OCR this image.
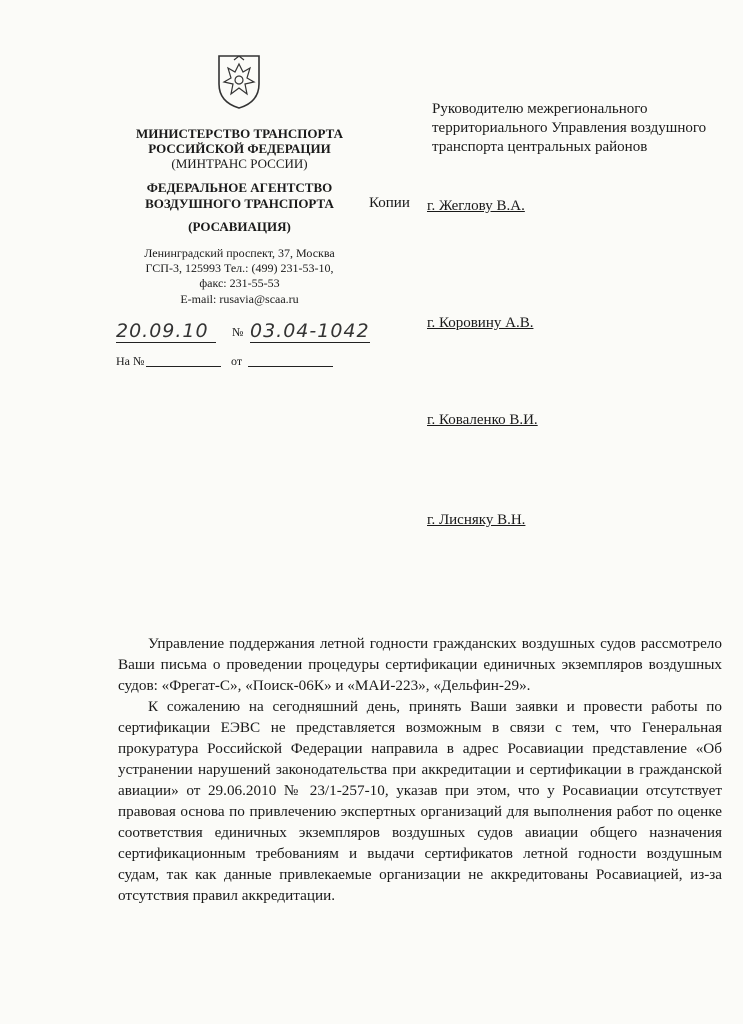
МИНИСТЕРСТВО ТРАНСПОРТА
РОССИЙСКОЙ ФЕДЕРАЦИИ
(МИНТРАНС РОССИИ)
ФЕДЕРАЛЬНОЕ АГЕНТСТВО
ВОЗДУШНОГО ТРАНСПОРТА
(РОСАВИАЦИЯ)
Ленинградский проспект, 37, Москва
ГСП-3, 125993 Тел.: (499) 231-53-10,
факс: 231-55-53
E-mail: rusavia@scaa.ru
20.09.10	№ 03.04-1042
На №	от
Руководителю межрегионального территориального Управления воздушного транспорта центральных районов
Копии г. Жеглову В.А.
г. Коровину А.В.
г. Коваленко В.И.
г. Лисняку В.Н.

Управление поддержания летной годности гражданских воздушных судов рассмотрело Ваши письма о проведении процедуры сертификации единичных экземпляров воздушных судов: «Фрегат-С», «Поиск-06К» и «МАИ-223», «Дельфин-29».

К сожалению на сегодняшний день, принять Ваши заявки и провести работы по сертификации ЕЭВС не представляется возможным в связи с тем, что Генеральная прокуратура Российской Федерации направила в адрес Росавиации представление «Об устранении нарушений законодательства при аккредитации и сертификации в гражданской авиации» от 29.06.2010 № 23/1-257-10, указав при этом, что у Росавиации отсутствует правовая основа по привлечению экспертных организаций для выполнения работ по оценке соответствия единичных экземпляров воздушных судов авиации общего назначения сертификационным требованиям и выдачи сертификатов летной годности воздушным судам, так как данные привлекаемые организации не аккредитованы Росавиацией, из-за отсутствия правил аккредитации.
